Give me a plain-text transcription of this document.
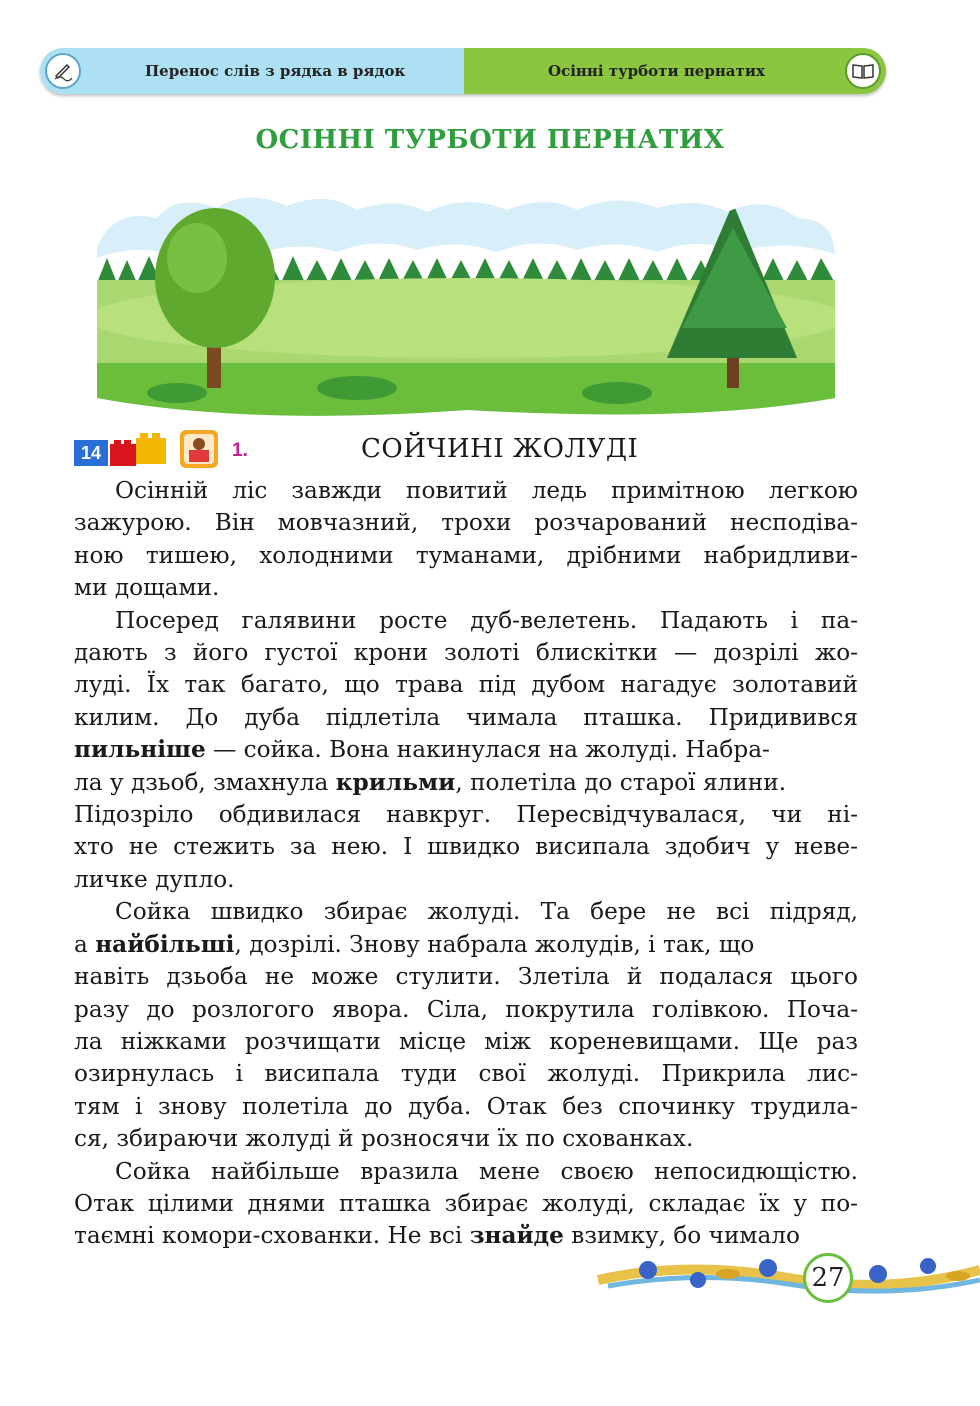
Перенос слів з рядка в рядок	Осінні турботи пернатих
ОСІННІ ТУРБОТИ ПЕРНАТИХ
14	1.	СОЙЧИНІ ЖОЛУДІ
Осінній ліс завжди повитий ледь примітною легкою
зажурою. Він мовчазний, трохи розчарований несподіва-
ною тишею, холодними туманами, дрібними набридливи-
ми дощами.
Посеред галявини росте дуб-велетень. Падають і па-
дають з його густої крони золоті блискітки — дозрілі жо-
луді. Їх так багато, що трава під дубом нагадує золотавий
килим. До дуба підлетіла чимала пташка. Придивився
пильніше — сойка. Вона накинулася на жолуді. Набра-
ла у дзьоб, змахнула крильми, полетіла до старої ялини.
Підозріло обдивилася навкруг. Пересвідчувалася, чи ні-
хто не стежить за нею. І швидко висипала здобич у неве-
личке дупло.
Сойка швидко збирає жолуді. Та бере не всі підряд,
а найбільші, дозрілі. Знову набрала жолудів, і так, що
навіть дзьоба не може стулити. Злетіла й подалася цього
разу до розлогого явора. Сіла, покрутила голівкою. Поча-
ла ніжками розчищати місце між кореневищами. Ще раз
озирнулась і висипала туди свої жолуді. Прикрила лис-
тям і знову полетіла до дуба. Отак без спочинку трудила-
ся, збираючи жолуді й розносячи їх по схованках.
Сойка найбільше вразила мене своєю непосидющістю.
Отак цілими днями пташка збирає жолуді, складає їх у по-
таємні комори-схованки. Не всі знайде взимку, бо чимало
27
